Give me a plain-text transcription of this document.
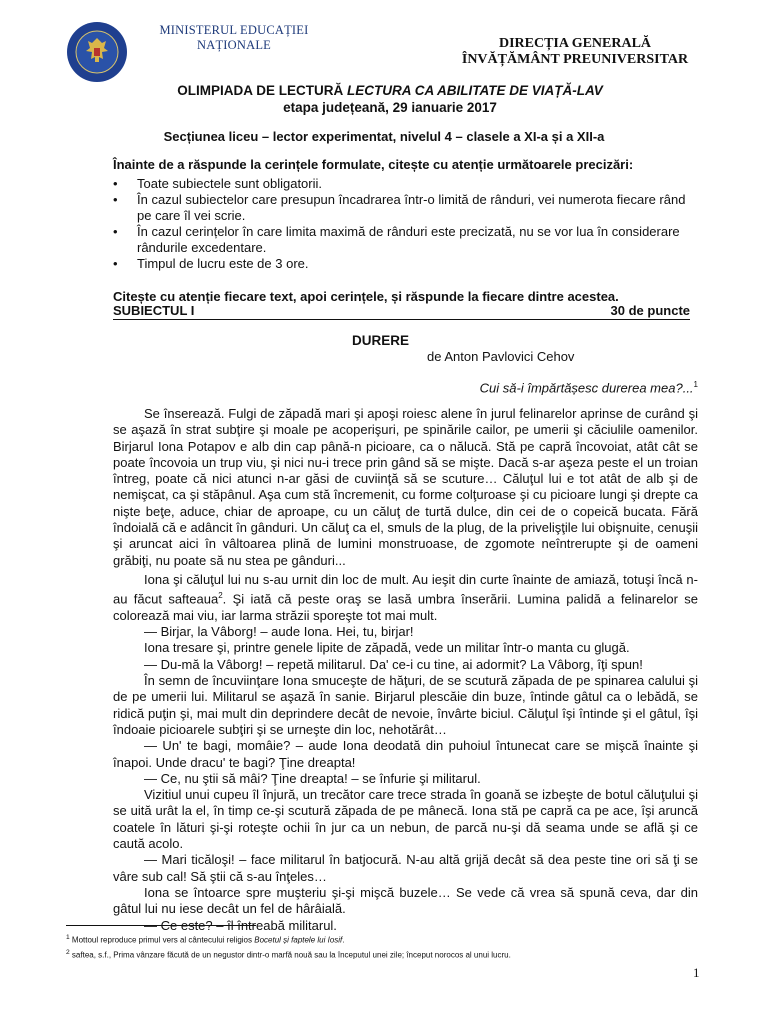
MINISTERUL EDUCAȚIEI
NAȚIONALE	DIRECȚIA GENERALĂ
ÎNVĂȚĂMÂNT PREUNIVERSITAR
OLIMPIADA DE LECTURĂ LECTURA CA ABILITATE DE VIAȚĂ-LAV
etapa județeană, 29 ianuarie 2017
Secțiunea liceu – lector experimentat, nivelul 4 – clasele a XI-a și a XII-a
Înainte de a răspunde la cerințele formulate, citește cu atenție următoarele precizări:
•	Toate subiectele sunt obligatorii.
•	În cazul subiectelor care presupun încadrarea într-o limită de rânduri, vei numerota fiecare rând pe care îl vei scrie.
•	În cazul cerințelor în care limita maximă de rânduri este precizată, nu se vor lua în considerare rândurile excedentare.
•	Timpul de lucru este de 3 ore.
Citește cu atenție fiecare text, apoi cerințele, și răspunde la fiecare dintre acestea.
SUBIECTUL I	30 de puncte
DURERE
de Anton Pavlovici Cehov
Cui să-i împărtășesc durerea mea?...$^1$

Se înserează. Fulgi de zăpadă mari şi apoşi roiesc alene în jurul felinarelor aprinse de curând şi se aşază în strat subţire şi moale pe acoperişuri, pe spinările cailor, pe umerii şi căciulile oamenilor. Birjarul Iona Potapov e alb din cap până-n picioare, ca o nălucă. Stă pe capră încovoiat, atât cât se poate încovoia un trup viu, şi nici nu-i trece prin gând să se mişte. Dacă s-ar aşeza peste el un troian întreg, poate că nici atunci n-ar găsi de cuviinţă să se scuture… Căluţul lui e tot atât de alb şi de nemişcat, ca şi stăpânul. Aşa cum stă încremenit, cu forme colţuroase şi cu picioare lungi şi drepte ca nişte beţe, aduce, chiar de aproape, cu un căluţ de turtă dulce, din cei de o copeică bucata. Fără îndoială că e adâncit în gânduri. Un căluţ ca el, smuls de la plug, de la privelişţile lui obişnuite, cenuşii şi aruncat aici în vâltoarea plină de lumini monstruoase, de zgomote neîntrerupte şi de oameni grăbiţi, nu poate să nu stea pe gânduri...

Iona şi căluţul lui nu s-au urnit din loc de mult. Au ieşit din curte înainte de amiază, totuşi încă n-au făcut safteaua$^2$. Şi iată că peste oraş se lasă umbra înserării. Lumina palidă a felinarelor se colorează mai viu, iar larma străzii sporeşte tot mai mult.

— Birjar, la Vâborg! – aude Iona. Hei, tu, birjar!

Iona tresare şi, printre genele lipite de zăpadă, vede un militar într-o manta cu glugă.

— Du-mă la Vâborg! – repetă militarul. Da' ce-i cu tine, ai adormit? La Vâborg, îţi spun!

În semn de încuviinţare Iona smuceşte de hăţuri, de se scutură zăpada de pe spinarea calului şi de pe umerii lui. Militarul se aşază în sanie. Birjarul plescăie din buze, întinde gâtul ca o lebădă, se ridică puţin şi, mai mult din deprindere decât de nevoie, învârte biciul. Căluţul îşi întinde şi el gâtul, îşi îndoaie picioarele subţiri şi se urneşte din loc, nehotărât…

— Un' te bagi, momâie? – aude Iona deodată din puhoiul întunecat care se mişcă înainte şi înapoi. Unde dracu' te bagi? Ţine dreapta!

— Ce, nu ştii să mâi? Ţine dreapta! – se înfurie şi militarul.

Vizitiul unui cupeu îl înjură, un trecător care trece strada în goană se izbeşte de botul căluţului şi se uită urât la el, în timp ce-şi scutură zăpada de pe mânecă. Iona stă pe capră ca pe ace, îşi aruncă coatele în lături şi-şi roteşte ochii în jur ca un nebun, de parcă nu-şi dă seama unde se află şi ce caută acolo.

— Mari ticăloşi! – face militarul în batjocură. N-au altă grijă decât să dea peste tine ori să ţi se vâre sub cal! Să ştii că s-au înţeles…

Iona se întoarce spre muşteriu şi-şi mişcă buzele… Se vede că vrea să spună ceva, dar din gâtul lui nu iese decât un fel de hârâială.

— Ce este? – îl întreabă militarul.

$^1$ Mottoul reproduce primul vers al cântecului religios Bocetul și faptele lui Iosif.
$^2$ saftea, s.f., Prima vânzare făcută de un negustor dintr-o marfă nouă sau la începutul unei zile; început norocos al unui lucru.
1
